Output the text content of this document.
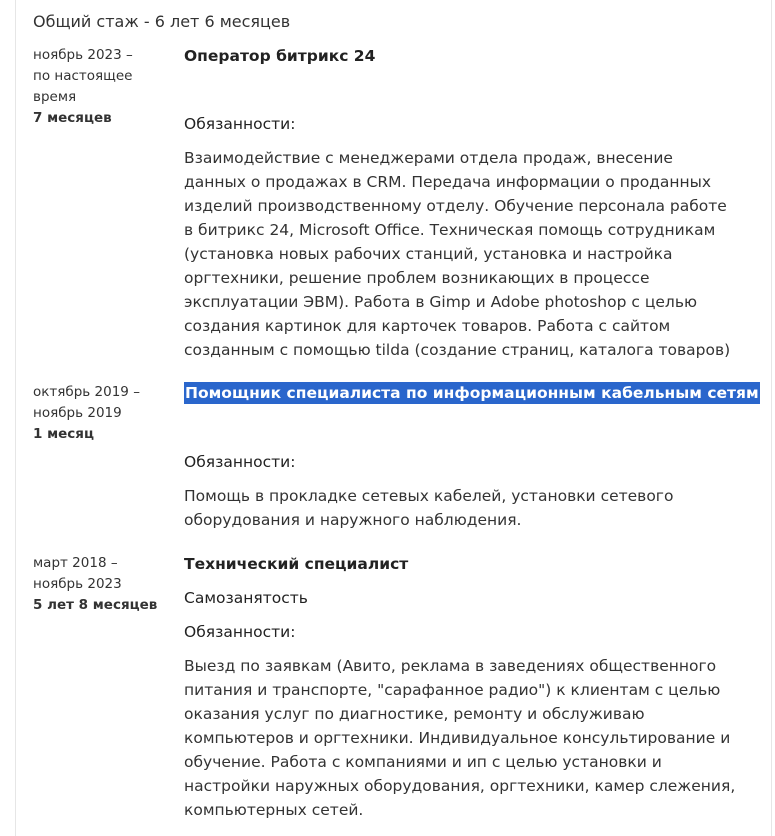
Общий стаж - 6 лет 6 месяцев
ноябрь 2023 –
по настоящее
время
7 месяцев
Оператор битрикс 24
Обязанности:
Взаимодействие с менеджерами отдела продаж, внесение
данных о продажах в CRM. Передача информации о проданных
изделий производственному отделу. Обучение персонала работе
в битрикс 24, Microsoft Office. Техническая помощь сотрудникам
(установка новых рабочих станций, установка и настройка
оргтехники, решение проблем возникающих в процессе
эксплуатации ЭВМ). Работа в Gimp и Adobe photoshop с целью
создания картинок для карточек товаров. Работа с сайтом
созданным с помощью tilda (создание страниц, каталога товаров)
октябрь 2019 –
ноябрь 2019
1 месяц
Помощник специалиста по информационным кабельным сетям
Обязанности:
Помощь в прокладке сетевых кабелей, установки сетевого
оборудования и наружного наблюдения.
март 2018 –
ноябрь 2023
5 лет 8 месяцев
Технический специалист
Самозанятость
Обязанности:
Выезд по заявкам (Авито, реклама в заведениях общественного
питания и транспорте, "сарафанное радио") к клиентам с целью
оказания услуг по диагностике, ремонту и обслуживаю
компьютеров и оргтехники. Индивидуальное консультирование и
обучение. Работа с компаниями и ип с целью установки и
настройки наружных оборудования, оргтехники, камер слежения,
компьютерных сетей.
